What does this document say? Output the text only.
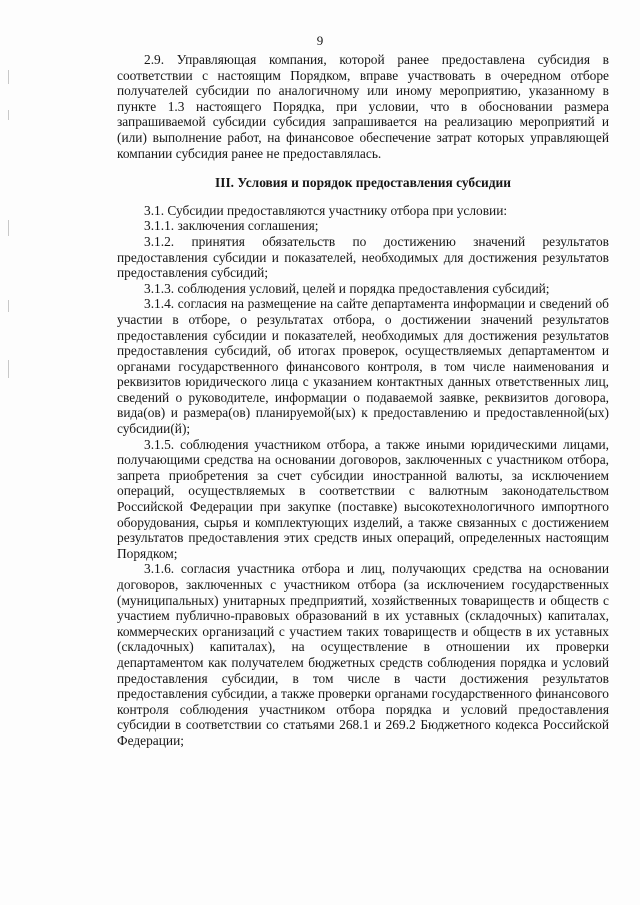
9

2.9. Управляющая компания, которой ранее предоставлена субсидия в соответствии с настоящим Порядком, вправе участвовать в очередном отборе получателей субсидии по аналогичному или иному мероприятию, указанному в пункте 1.3 настоящего Порядка, при условии, что в обосновании размера запрашиваемой субсидии субсидия запрашивается на реализацию мероприятий и (или) выполнение работ, на финансовое обеспечение затрат которых управляющей компании субсидия ранее не предоставлялась.

III. Условия и порядок предоставления субсидии

3.1. Субсидии предоставляются участнику отбора при условии:

3.1.1. заключения соглашения;

3.1.2. принятия обязательств по достижению значений результатов предоставления субсидии и показателей, необходимых для достижения результатов предоставления субсидий;

3.1.3. соблюдения условий, целей и порядка предоставления субсидий;

3.1.4. согласия на размещение на сайте департамента информации и сведений об участии в отборе, о результатах отбора, о достижении значений результатов предоставления субсидии и показателей, необходимых для достижения результатов предоставления субсидий, об итогах проверок, осуществляемых департаментом и органами государственного финансового контроля, в том числе наименования и реквизитов юридического лица с указанием контактных данных ответственных лиц, сведений о руководителе, информации о подаваемой заявке, реквизитов договора, вида(ов) и размера(ов) планируемой(ых) к предоставлению и предоставленной(ых) субсидии(й);

3.1.5. соблюдения участником отбора, а также иными юридическими лицами, получающими средства на основании договоров, заключенных с участником отбора, запрета приобретения за счет субсидии иностранной валюты, за исключением операций, осуществляемых в соответствии с валютным законодательством Российской Федерации при закупке (поставке) высокотехнологичного импортного оборудования, сырья и комплектующих изделий, а также связанных с достижением результатов предоставления этих средств иных операций, определенных настоящим Порядком;

3.1.6. согласия участника отбора и лиц, получающих средства на основании договоров, заключенных с участником отбора (за исключением государственных (муниципальных) унитарных предприятий, хозяйственных товариществ и обществ с участием публично-правовых образований в их уставных (складочных) капиталах, коммерческих организаций с участием таких товариществ и обществ в их уставных (складочных) капиталах), на осуществление в отношении их проверки департаментом как получателем бюджетных средств соблюдения порядка и условий предоставления субсидии, в том числе в части достижения результатов предоставления субсидии, а также проверки органами государственного финансового контроля соблюдения участником отбора порядка и условий предоставления субсидии в соответствии со статьями 268.1 и 269.2 Бюджетного кодекса Российской Федерации;
